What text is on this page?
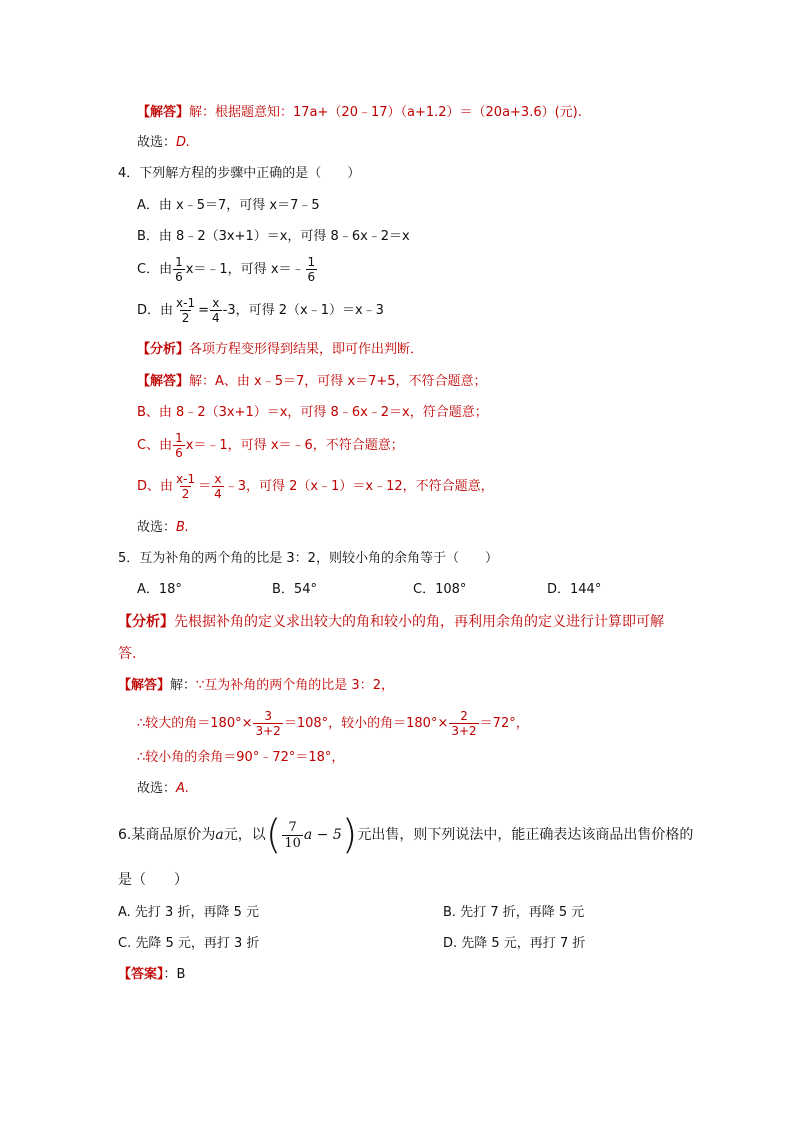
【解答】解：根据题意知：17a+（20﹣17）（a+1.2）＝（20a+3.6）(元).
故选：D.
4．下列解方程的步骤中正确的是（　　）
A．由 x﹣5＝7，可得 x＝7﹣5
B．由 8﹣2（3x+1）＝x，可得 8﹣6x﹣2＝x
C．由 $\frac{1}{6}$ x＝﹣1，可得 x＝﹣ $\frac{1}{6}$
D．由 $\frac{x-1}{2} = \frac{x}{4} -3$，可得 2（x﹣1）＝x﹣3
【分析】各项方程变形得到结果，即可作出判断．
【解答】解：A、由 x﹣5＝7，可得 x＝7+5，不符合题意；
B、由 8﹣2（3x+1）＝x，可得 8﹣6x﹣2＝x，符合题意；
C、由 $\frac{1}{6}$ x＝﹣1，可得 x＝﹣6，不符合题意；
D、由 $\frac{x-1}{2} = \frac{x}{4}$ ﹣3，可得 2（x﹣1）＝x﹣12，不符合题意，
故选：B.
5．互为补角的两个角的比是 3：2，则较小角的余角等于（　　）
A．18°	B．54°	C．108°	D．144°
【分析】先根据补角的定义求出较大的角和较小的角，再利用余角的定义进行计算即可解
答.
【解答】解：∵互为补角的两个角的比是 3：2，
∴较大的角$=180^\circ\times \frac{3}{3+2} =108^\circ$，较小的角$=180^\circ\times \frac{2}{3+2} =72^\circ$，
∴较小角的余角＝90°﹣72°＝18°，
故选：A.
6.某商品原价为a元，以( $\frac{7}{10}$ a − 5)元出售，则下列说法中，能正确表达该商品出售价格的
是（　　）
A. 先打 3 折，再降 5 元	B. 先打 7 折，再降 5 元
C. 先降 5 元，再打 3 折	D. 先降 5 元，再打 7 折
【答案】：B
